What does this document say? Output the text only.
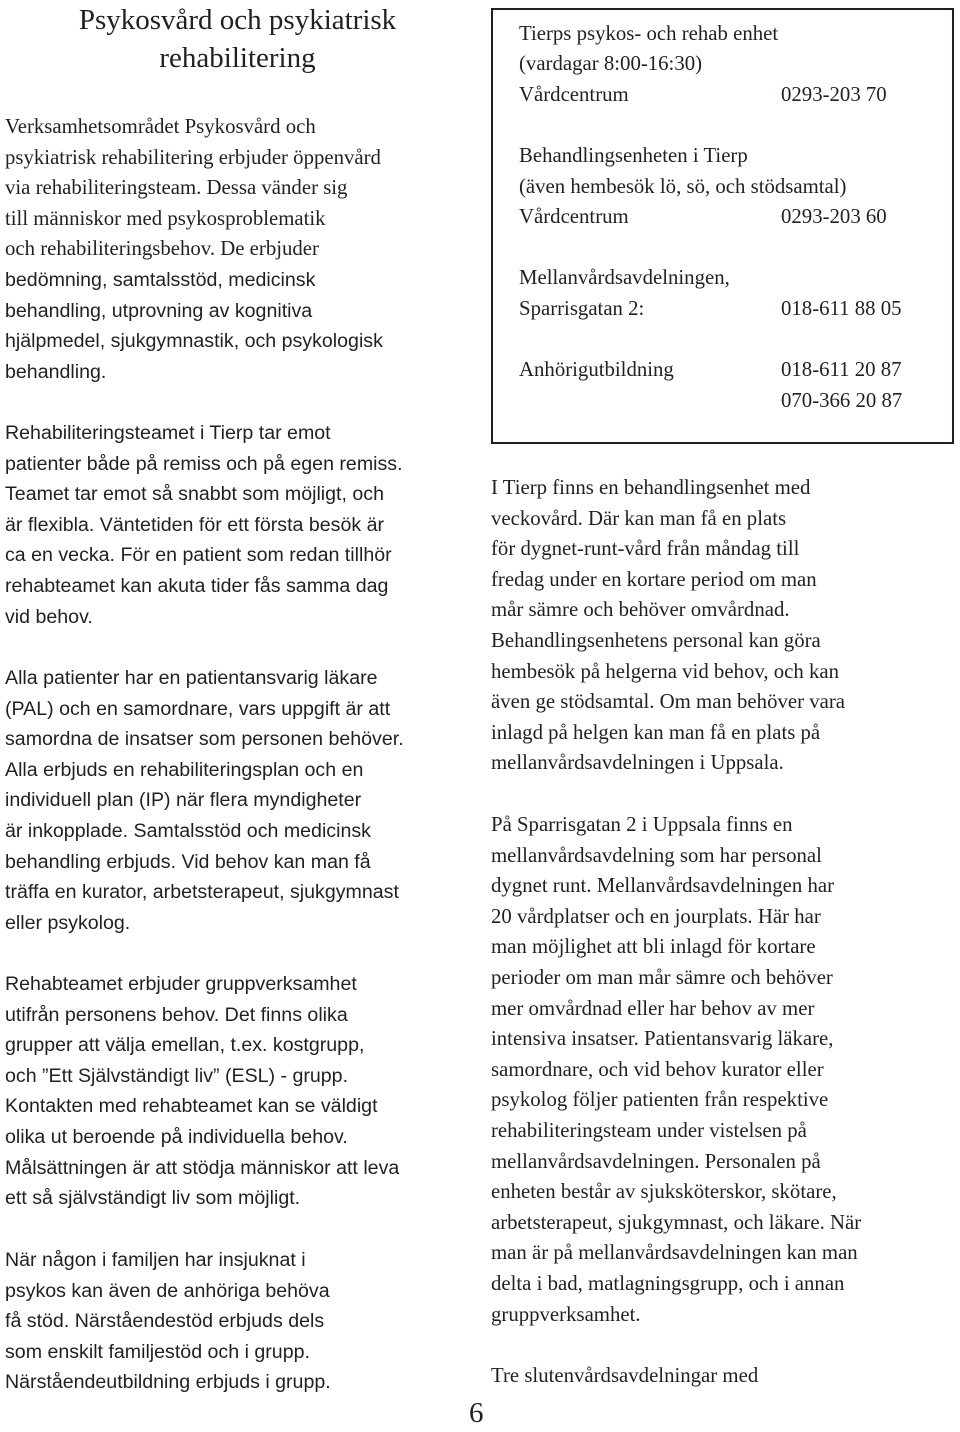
Psykosvård och psykiatrisk
rehabilitering
Verksamhetsområdet Psykosvård och
psykiatrisk rehabilitering erbjuder öppenvård
via rehabiliteringsteam. Dessa vänder sig
till människor med psykosproblematik
och rehabiliteringsbehov. De erbjuder
bedömning, samtalsstöd, medicinsk
behandling, utprovning av kognitiva
hjälpmedel, sjukgymnastik, och psykologisk
behandling.
Rehabiliteringsteamet i Tierp tar emot
patienter både på remiss och på egen remiss.
Teamet tar emot så snabbt som möjligt, och
är flexibla. Väntetiden för ett första besök är
ca en vecka. För en patient som redan tillhör
rehabteamet kan akuta tider fås samma dag
vid behov.
Alla patienter har en patientansvarig läkare
(PAL) och en samordnare, vars uppgift är att
samordna de insatser som personen behöver.
Alla erbjuds en rehabiliteringsplan och en
individuell plan (IP) när flera myndigheter
är inkopplade. Samtalsstöd och medicinsk
behandling erbjuds. Vid behov kan man få
träffa en kurator, arbetsterapeut, sjukgymnast
eller psykolog.
Rehabteamet erbjuder gruppverksamhet
utifrån personens behov. Det finns olika
grupper att välja emellan, t.ex. kostgrupp,
och ”Ett Självständigt liv” (ESL) - grupp.
Kontakten med rehabteamet kan se väldigt
olika ut beroende på individuella behov.
Målsättningen är att stödja människor att leva
ett så självständigt liv som möjligt.
När någon i familjen har insjuknat i
psykos kan även de anhöriga behöva
få stöd. Närståendestöd erbjuds dels
som enskilt familjestöd och i grupp.
Närståendeutbildning erbjuds i grupp.
Tierps psykos- och rehab enhet
(vardagar 8:00-16:30)
Vårdcentrum	0293-203 70
Behandlingsenheten i Tierp
(även hembesök lö, sö, och stödsamtal)
Vårdcentrum	0293-203 60
Mellanvårdsavdelningen,
Sparrisgatan 2:	018-611 88 05
Anhörigutbildning	018-611 20 87
070-366 20 87
I Tierp finns en behandlingsenhet med
veckovård. Där kan man få en plats
för dygnet-runt-vård från måndag till
fredag under en kortare period om man
mår sämre och behöver omvårdnad.
Behandlingsenhetens personal kan göra
hembesök på helgerna vid behov, och kan
även ge stödsamtal. Om man behöver vara
inlagd på helgen kan man få en plats på
mellanvårdsavdelningen i Uppsala.
På Sparrisgatan 2 i Uppsala finns en
mellanvårdsavdelning som har personal
dygnet runt. Mellanvårdsavdelningen har
20 vårdplatser och en jourplats. Här har
man möjlighet att bli inlagd för kortare
perioder om man mår sämre och behöver
mer omvårdnad eller har behov av mer
intensiva insatser. Patientansvarig läkare,
samordnare, och vid behov kurator eller
psykolog följer patienten från respektive
rehabiliteringsteam under vistelsen på
mellanvårdsavdelningen. Personalen på
enheten består av sjuksköterskor, skötare,
arbetsterapeut, sjukgymnast, och läkare. När
man är på mellanvårdsavdelningen kan man
delta i bad, matlagningsgrupp, och i annan
gruppverksamhet.
Tre slutenvårdsavdelningar med
6
